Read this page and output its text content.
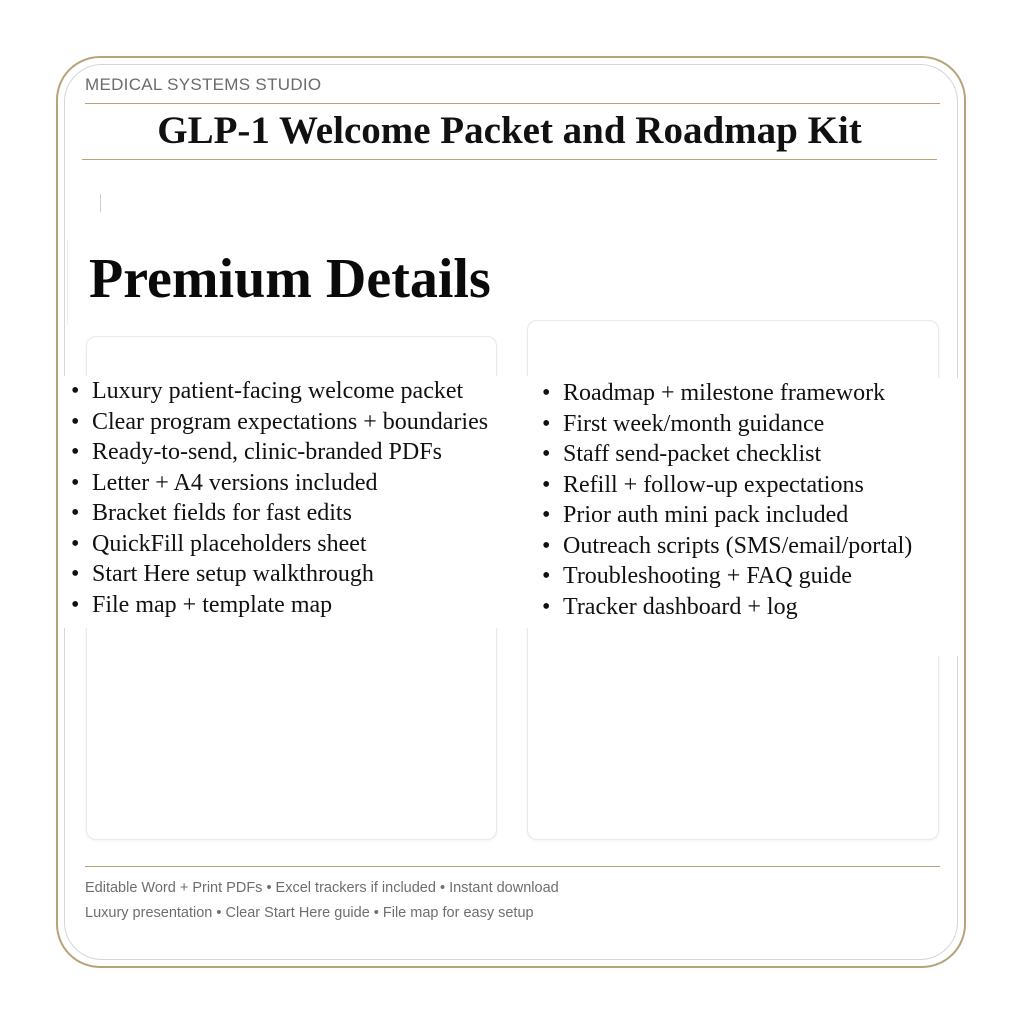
MEDICAL SYSTEMS STUDIO

GLP-1 Welcome Packet and Roadmap Kit
Premium Details
• Luxury patient-facing welcome packet
• Clear program expectations + boundaries
• Ready-to-send, clinic-branded PDFs
• Letter + A4 versions included
• Bracket fields for fast edits
• QuickFill placeholders sheet
• Start Here setup walkthrough
• File map + template map
• Roadmap + milestone framework
• First week/month guidance
• Staff send-packet checklist
• Refill + follow-up expectations
• Prior auth mini pack included
• Outreach scripts (SMS/email/portal)
• Troubleshooting + FAQ guide
• Tracker dashboard + log

Editable Word + Print PDFs • Excel trackers if included • Instant download

Luxury presentation • Clear Start Here guide • File map for easy setup
